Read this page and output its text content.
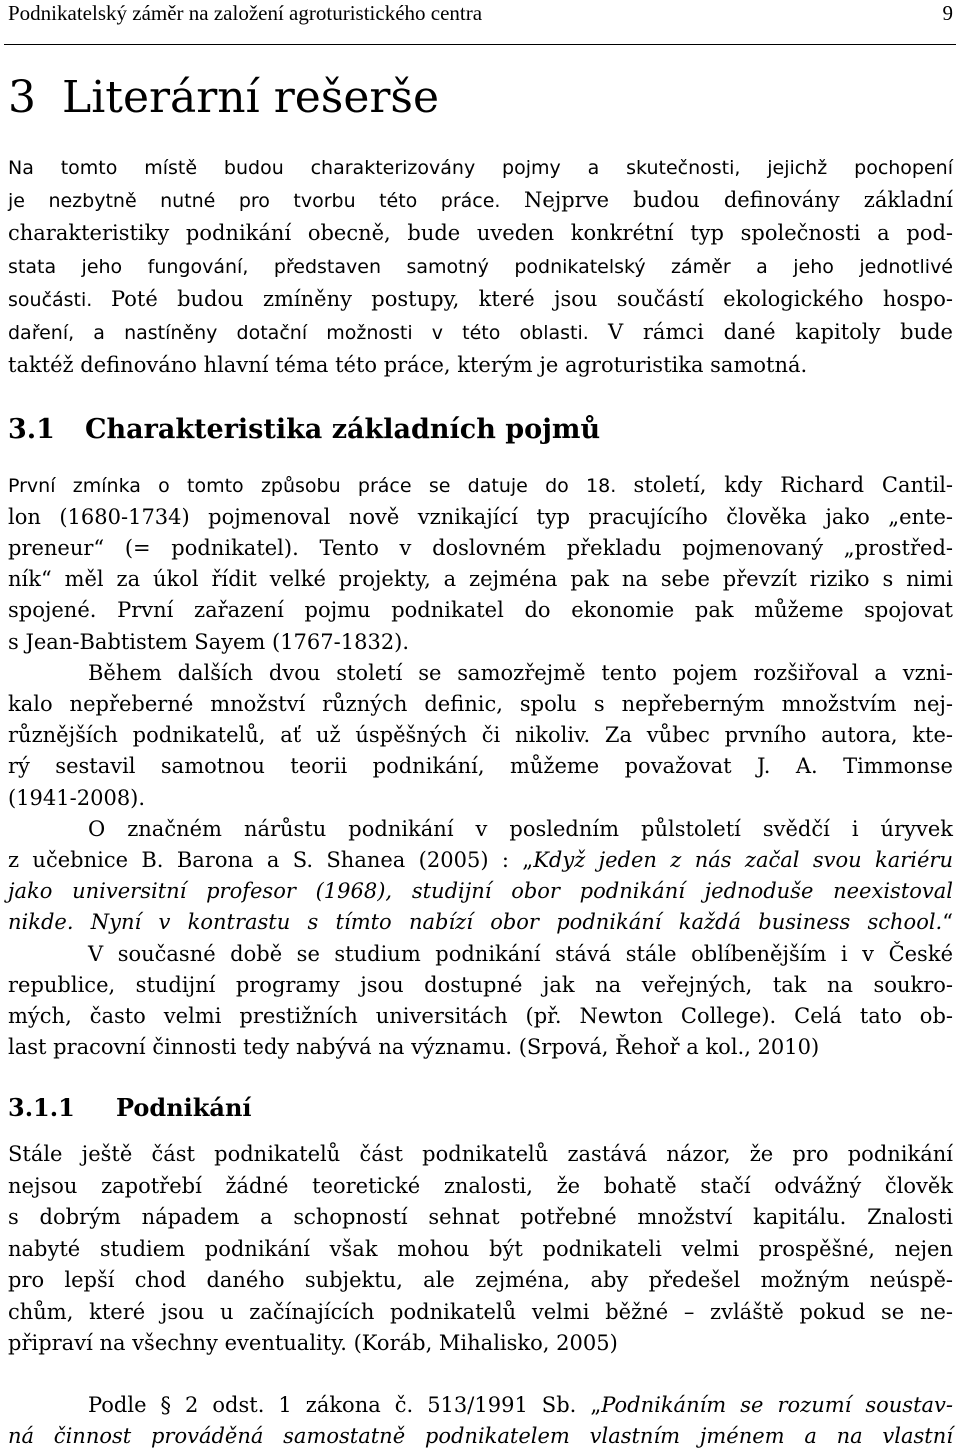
Podnikatelský záměr na založení agroturistického centra	9
3 Literární rešerše
Na tomto místě budou charakterizovány pojmy a skutečnosti, jejichž pochopení
je nezbytně nutné pro tvorbu této práce. Nejprve budou definovány základní
charakteristiky podnikání obecně, bude uveden konkrétní typ společnosti a pod-
stata jeho fungování, představen samotný podnikatelský záměr a jeho jednotlivé
součásti. Poté budou zmíněny postupy, které jsou součástí ekologického hospo-
daření, a nastíněny dotační možnosti v této oblasti. V rámci dané kapitoly bude
taktéž definováno hlavní téma této práce, kterým je agroturistika samotná.
3.1 Charakteristika základních pojmů
První zmínka o tomto způsobu práce se datuje do 18. století, kdy Richard Cantil-
lon (1680-1734) pojmenoval nově vznikající typ pracujícího člověka jako „ente-
preneur“ (= podnikatel). Tento v doslovném překladu pojmenovaný „prostřed-
ník“ měl za úkol řídit velké projekty, a zejména pak na sebe převzít riziko s nimi
spojené. První zařazení pojmu podnikatel do ekonomie pak můžeme spojovat
s Jean-Babtistem Sayem (1767-1832).
Během dalších dvou století se samozřejmě tento pojem rozšiřoval a vzni-
kalo nepřeberné množství různých definic, spolu s nepřeberným množstvím nej-
různějších podnikatelů, ať už úspěšných či nikoliv. Za vůbec prvního autora, kte-
rý sestavil samotnou teorii podnikání, můžeme považovat J. A. Timmonse
(1941-2008).
O značném nárůstu podnikání v posledním půlstoletí svědčí i úryvek
z učebnice B. Barona a S. Shanea (2005) : „Když jeden z nás začal svou kariéru
jako universitní profesor (1968), studijní obor podnikání jednoduše neexistoval
nikde. Nyní v kontrastu s tímto nabízí obor podnikání každá business school.“
V současné době se studium podnikání stává stále oblíbenějším i v České
republice, studijní programy jsou dostupné jak na veřejných, tak na soukro-
mých, často velmi prestižních universitách (př. Newton College). Celá tato ob-
last pracovní činnosti tedy nabývá na významu. (Srpová, Řehoř a kol., 2010)
3.1.1 Podnikání
Stále ještě část podnikatelů část podnikatelů zastává názor, že pro podnikání
nejsou zapotřebí žádné teoretické znalosti, že bohatě stačí odvážný člověk
s dobrým nápadem a schopností sehnat potřebné množství kapitálu. Znalosti
nabyté studiem podnikání však mohou být podnikateli velmi prospěšné, nejen
pro lepší chod daného subjektu, ale zejména, aby předešel možným neúspě-
chům, které jsou u začínajících podnikatelů velmi běžné – zvláště pokud se ne-
připraví na všechny eventuality. (Koráb, Mihalisko, 2005)
Podle § 2 odst. 1 zákona č. 513/1991 Sb. „Podnikáním se rozumí soustav-
ná činnost prováděná samostatně podnikatelem vlastním jménem a na vlastní
